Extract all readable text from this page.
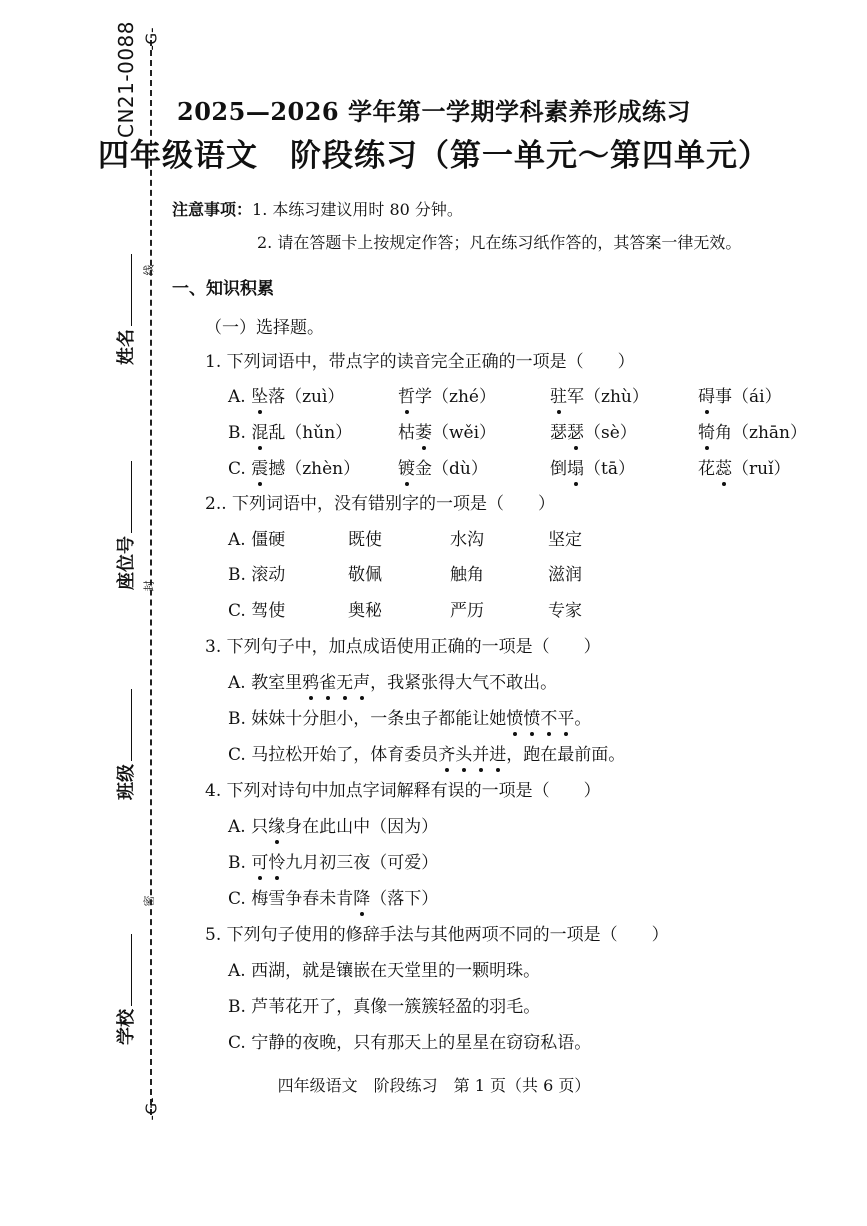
-G-
-G-
线
封
密
CN21-0088
姓名
座位号
班级
学校
2025—2026 学年第一学期学科素养形成练习
四年级语文　阶段练习（第一单元～第四单元）
注意事项：1. 本练习建议用时 80 分钟。
2. 请在答题卡上按规定作答；凡在练习纸作答的，其答案一律无效。
一、知识积累
（一）选择题。
1. 下列词语中，带点字的读音完全正确的一项是（　　）
A. 坠落（zuì）	哲学（zhé）	驻军（zhù）	碍事（ái）
B. 混乱（hǔn）	枯萎（wěi）	瑟瑟（sè）	犄角（zhān）
C. 震撼（zhèn） 镀金（dù）	倒塌（tā）	花蕊（ruǐ）
2.. 下列词语中，没有错别字的一项是（　　）
A. 僵硬	既使	水沟	坚定
B. 滚动	敬佩	触角	滋润
C. 驾使	奥秘	严历	专家
3. 下列句子中，加点成语使用正确的一项是（　　）
A. 教室里鸦雀无声，我紧张得大气不敢出。
B. 妹妹十分胆小，一条虫子都能让她愤愤不平。
C. 马拉松开始了，体育委员齐头并进，跑在最前面。
4. 下列对诗句中加点字词解释有误的一项是（　　）
A. 只缘身在此山中（因为）
B. 可怜九月初三夜（可爱）
C. 梅雪争春未肯降（落下）
5. 下列句子使用的修辞手法与其他两项不同的一项是（　　）
A. 西湖，就是镶嵌在天堂里的一颗明珠。
B. 芦苇花开了，真像一簇簇轻盈的羽毛。
C. 宁静的夜晚，只有那天上的星星在窃窃私语。
四年级语文　阶段练习　第 1 页（共 6 页）
